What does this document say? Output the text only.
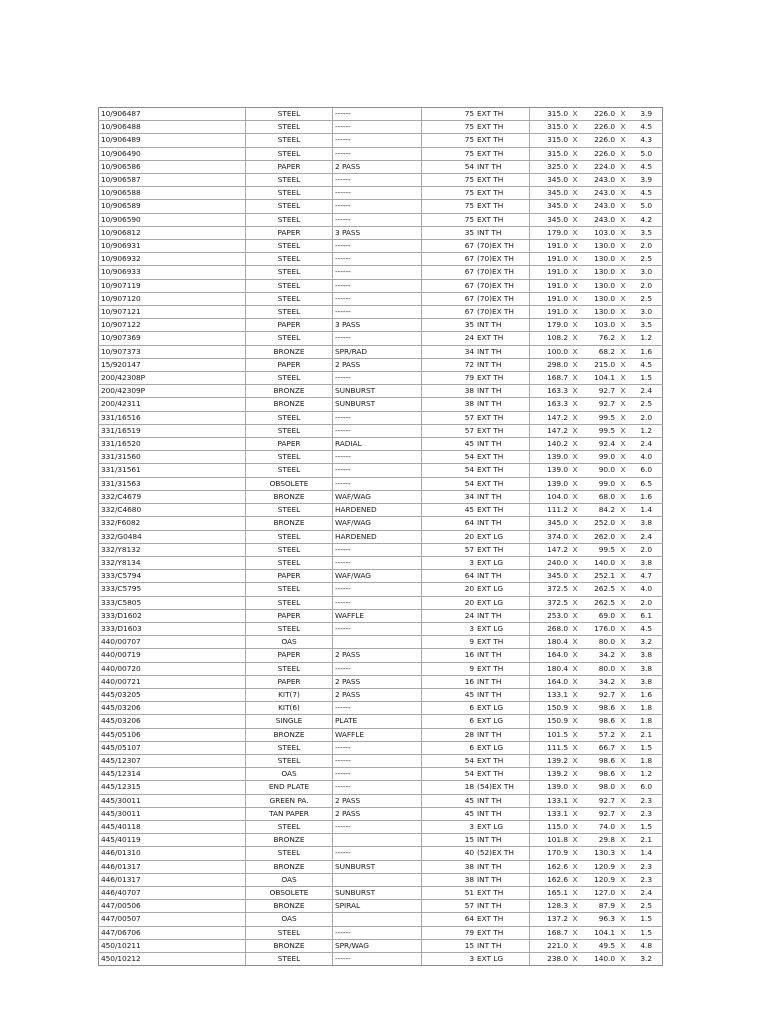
10/906487	STEEL	------	75	EXT TH	315.0	X	226.0	X	3.9
10/906488	STEEL	------	75	EXT TH	315.0	X	226.0	X	4.5
10/906489	STEEL	------	75	EXT TH	315.0	X	226.0	X	4.3
10/906490	STEEL	------	75	EXT TH	315.0	X	226.0	X	5.0
10/906586	PAPER	2 PASS	54	INT TH	325.0	X	224.0	X	4.5
10/906587	STEEL	------	75	EXT TH	345.0	X	243.0	X	3.9
10/906588	STEEL	------	75	EXT TH	345.0	X	243.0	X	4.5
10/906589	STEEL	------	75	EXT TH	345.0	X	243.0	X	5.0
10/906590	STEEL	------	75	EXT TH	345.0	X	243.0	X	4.2
10/906812	PAPER	3 PASS	35	INT TH	179.0	X	103.0	X	3.5
10/906931	STEEL	------	67	(70)EX TH	191.0	X	130.0	X	2.0
10/906932	STEEL	------	67	(70)EX TH	191.0	X	130.0	X	2.5
10/906933	STEEL	------	67	(70)EX TH	191.0	X	130.0	X	3.0
10/907119	STEEL	------	67	(70)EX TH	191.0	X	130.0	X	2.0
10/907120	STEEL	------	67	(70)EX TH	191.0	X	130.0	X	2.5
10/907121	STEEL	------	67	(70)EX TH	191.0	X	130.0	X	3.0
10/907122	PAPER	3 PASS	35	INT TH	179.0	X	103.0	X	3.5
10/907369	STEEL	------	24	EXT TH	108.2	X	76.2	X	1.2
10/907373	BRONZE	SPR/RAD	34	INT TH	100.0	X	68.2	X	1.6
15/920147	PAPER	2 PASS	72	INT TH	298.0	X	215.0	X	4.5
200/42308P	STEEL	------	79	EXT TH	168.7	X	104.1	X	1.5
200/42309P	BRONZE	SUNBURST	38	INT TH	163.3	X	92.7	X	2.4
200/42311	BRONZE	SUNBURST	38	INT TH	163.3	X	92.7	X	2.5
331/16516	STEEL	------	57	EXT TH	147.2	X	99.5	X	2.0
331/16519	STEEL	------	57	EXT TH	147.2	X	99.5	X	1.2
331/16520	PAPER	RADIAL	45	INT TH	140.2	X	92.4	X	2.4
331/31560	STEEL	------	54	EXT TH	139.0	X	99.0	X	4.0
331/31561	STEEL	------	54	EXT TH	139.0	X	90.0	X	6.0
331/31563	OBSOLETE	------	54	EXT TH	139.0	X	99.0	X	6.5
332/C4679	BRONZE	WAF/WAG	34	INT TH	104.0	X	68.0	X	1.6
332/C4680	STEEL	HARDENED	45	EXT TH	111.2	X	84.2	X	1.4
332/F6082	BRONZE	WAF/WAG	64	INT TH	345.0	X	252.0	X	3.8
332/G0484	STEEL	HARDENED	20	EXT LG	374.0	X	262.0	X	2.4
332/Y8132	STEEL	------	57	EXT TH	147.2	X	99.5	X	2.0
332/Y8134	STEEL	------	3	EXT LG	240.0	X	140.0	X	3.8
333/C5794	PAPER	WAF/WAG	64	INT TH	345.0	X	252.1	X	4.7
333/C5795	STEEL	------	20	EXT LG	372.5	X	262.5	X	4.0
333/C5805	STEEL	------	20	EXT LG	372.5	X	262.5	X	2.0
333/D1602	PAPER	WAFFLE	24	INT TH	253.0	X	69.0	X	6.1
333/D1603	STEEL	------	3	EXT LG	268.0	X	176.0	X	4.5
440/00707	OAS		9	EXT TH	180.4	X	80.0	X	3.2
440/00719	PAPER	2 PASS	16	INT TH	164.0	X	34.2	X	3.8
440/00720	STEEL	------	9	EXT TH	180.4	X	80.0	X	3.8
440/00721	PAPER	2 PASS	16	INT TH	164.0	X	34.2	X	3.8
445/03205	KIT(7)	2 PASS	45	INT TH	133.1	X	92.7	X	1.6
445/03206	KIT(6)	------	6	EXT LG	150.9	X	98.6	X	1.8
445/03206	SINGLE	PLATE	6	EXT LG	150.9	X	98.6	X	1.8
445/05106	BRONZE	WAFFLE	28	INT TH	101.5	X	57.2	X	2.1
445/05107	STEEL	------	6	EXT LG	111.5	X	66.7	X	1.5
445/12307	STEEL	------	54	EXT TH	139.2	X	98.6	X	1.8
445/12314	OAS	------	54	EXT TH	139.2	X	98.6	X	1.2
445/12315	END PLATE	------	18	(54)EX TH	139.0	X	98.0	X	6.0
445/30011	GREEN PA.	2 PASS	45	INT TH	133.1	X	92.7	X	2.3
445/30011	TAN PAPER	2 PASS	45	INT TH	133.1	X	92.7	X	2.3
445/40118	STEEL	------	3	EXT LG	115.0	X	74.0	X	1.5
445/40119	BRONZE		15	INT TH	101.8	X	29.8	X	2.1
446/01310	STEEL	------	40	(52)EX TH	170.9	X	130.3	X	1.4
446/01317	BRONZE	SUNBURST	38	INT TH	162.6	X	120.9	X	2.3
446/01317	OAS		38	INT TH	162.6	X	120.9	X	2.3
446/40707	OBSOLETE	SUNBURST	51	EXT TH	165.1	X	127.0	X	2.4
447/00506	BRONZE	SPIRAL	57	INT TH	128.3	X	87.9	X	2.5
447/00507	OAS		64	EXT TH	137.2	X	96.3	X	1.5
447/06706	STEEL	------	79	EXT TH	168.7	X	104.1	X	1.5
450/10211	BRONZE	SPR/WAG	15	INT TH	221.0	X	49.5	X	4.8
450/10212	STEEL	------	3	EXT LG	238.0	X	140.0	X	3.2
